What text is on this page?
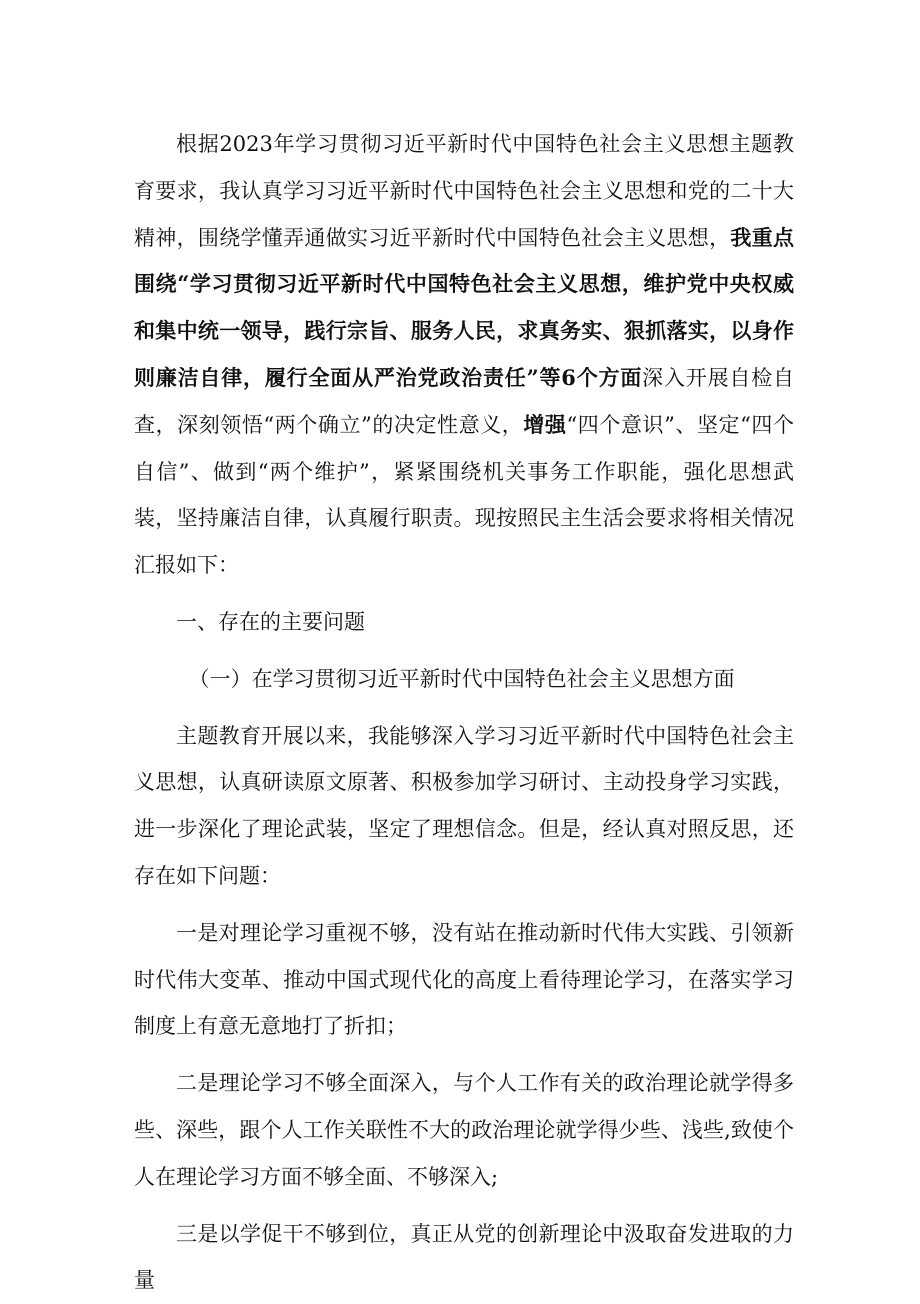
根据2023年学习贯彻习近平新时代中国特色社会主义思想主题教育要求，我认真学习习近平新时代中国特色社会主义思想和党的二十大精神，围绕学懂弄通做实习近平新时代中国特色社会主义思想，我重点围绕“学习贯彻习近平新时代中国特色社会主义思想，维护党中央权威和集中统一领导，践行宗旨、服务人民，求真务实、狠抓落实，以身作则廉洁自律，履行全面从严治党政治责任”等6个方面深入开展自检自查，深刻领悟“两个确立”的决定性意义，增强“四个意识”、坚定“四个自信”、做到“两个维护”，紧紧围绕机关事务工作职能，强化思想武装，坚持廉洁自律，认真履行职责。现按照民主生活会要求将相关情况汇报如下：

一、存在的主要问题

（一）在学习贯彻习近平新时代中国特色社会主义思想方面

主题教育开展以来，我能够深入学习习近平新时代中国特色社会主义思想，认真研读原文原著、积极参加学习研讨、主动投身学习实践，进一步深化了理论武装，坚定了理想信念。但是，经认真对照反思，还存在如下问题：

一是对理论学习重视不够，没有站在推动新时代伟大实践、引领新时代伟大变革、推动中国式现代化的高度上看待理论学习，在落实学习制度上有意无意地打了折扣；

二是理论学习不够全面深入，与个人工作有关的政治理论就学得多些、深些，跟个人工作关联性不大的政治理论就学得少些、浅些,致使个人在理论学习方面不够全面、不够深入;

三是以学促干不够到位，真正从党的创新理论中汲取奋发进取的力量
